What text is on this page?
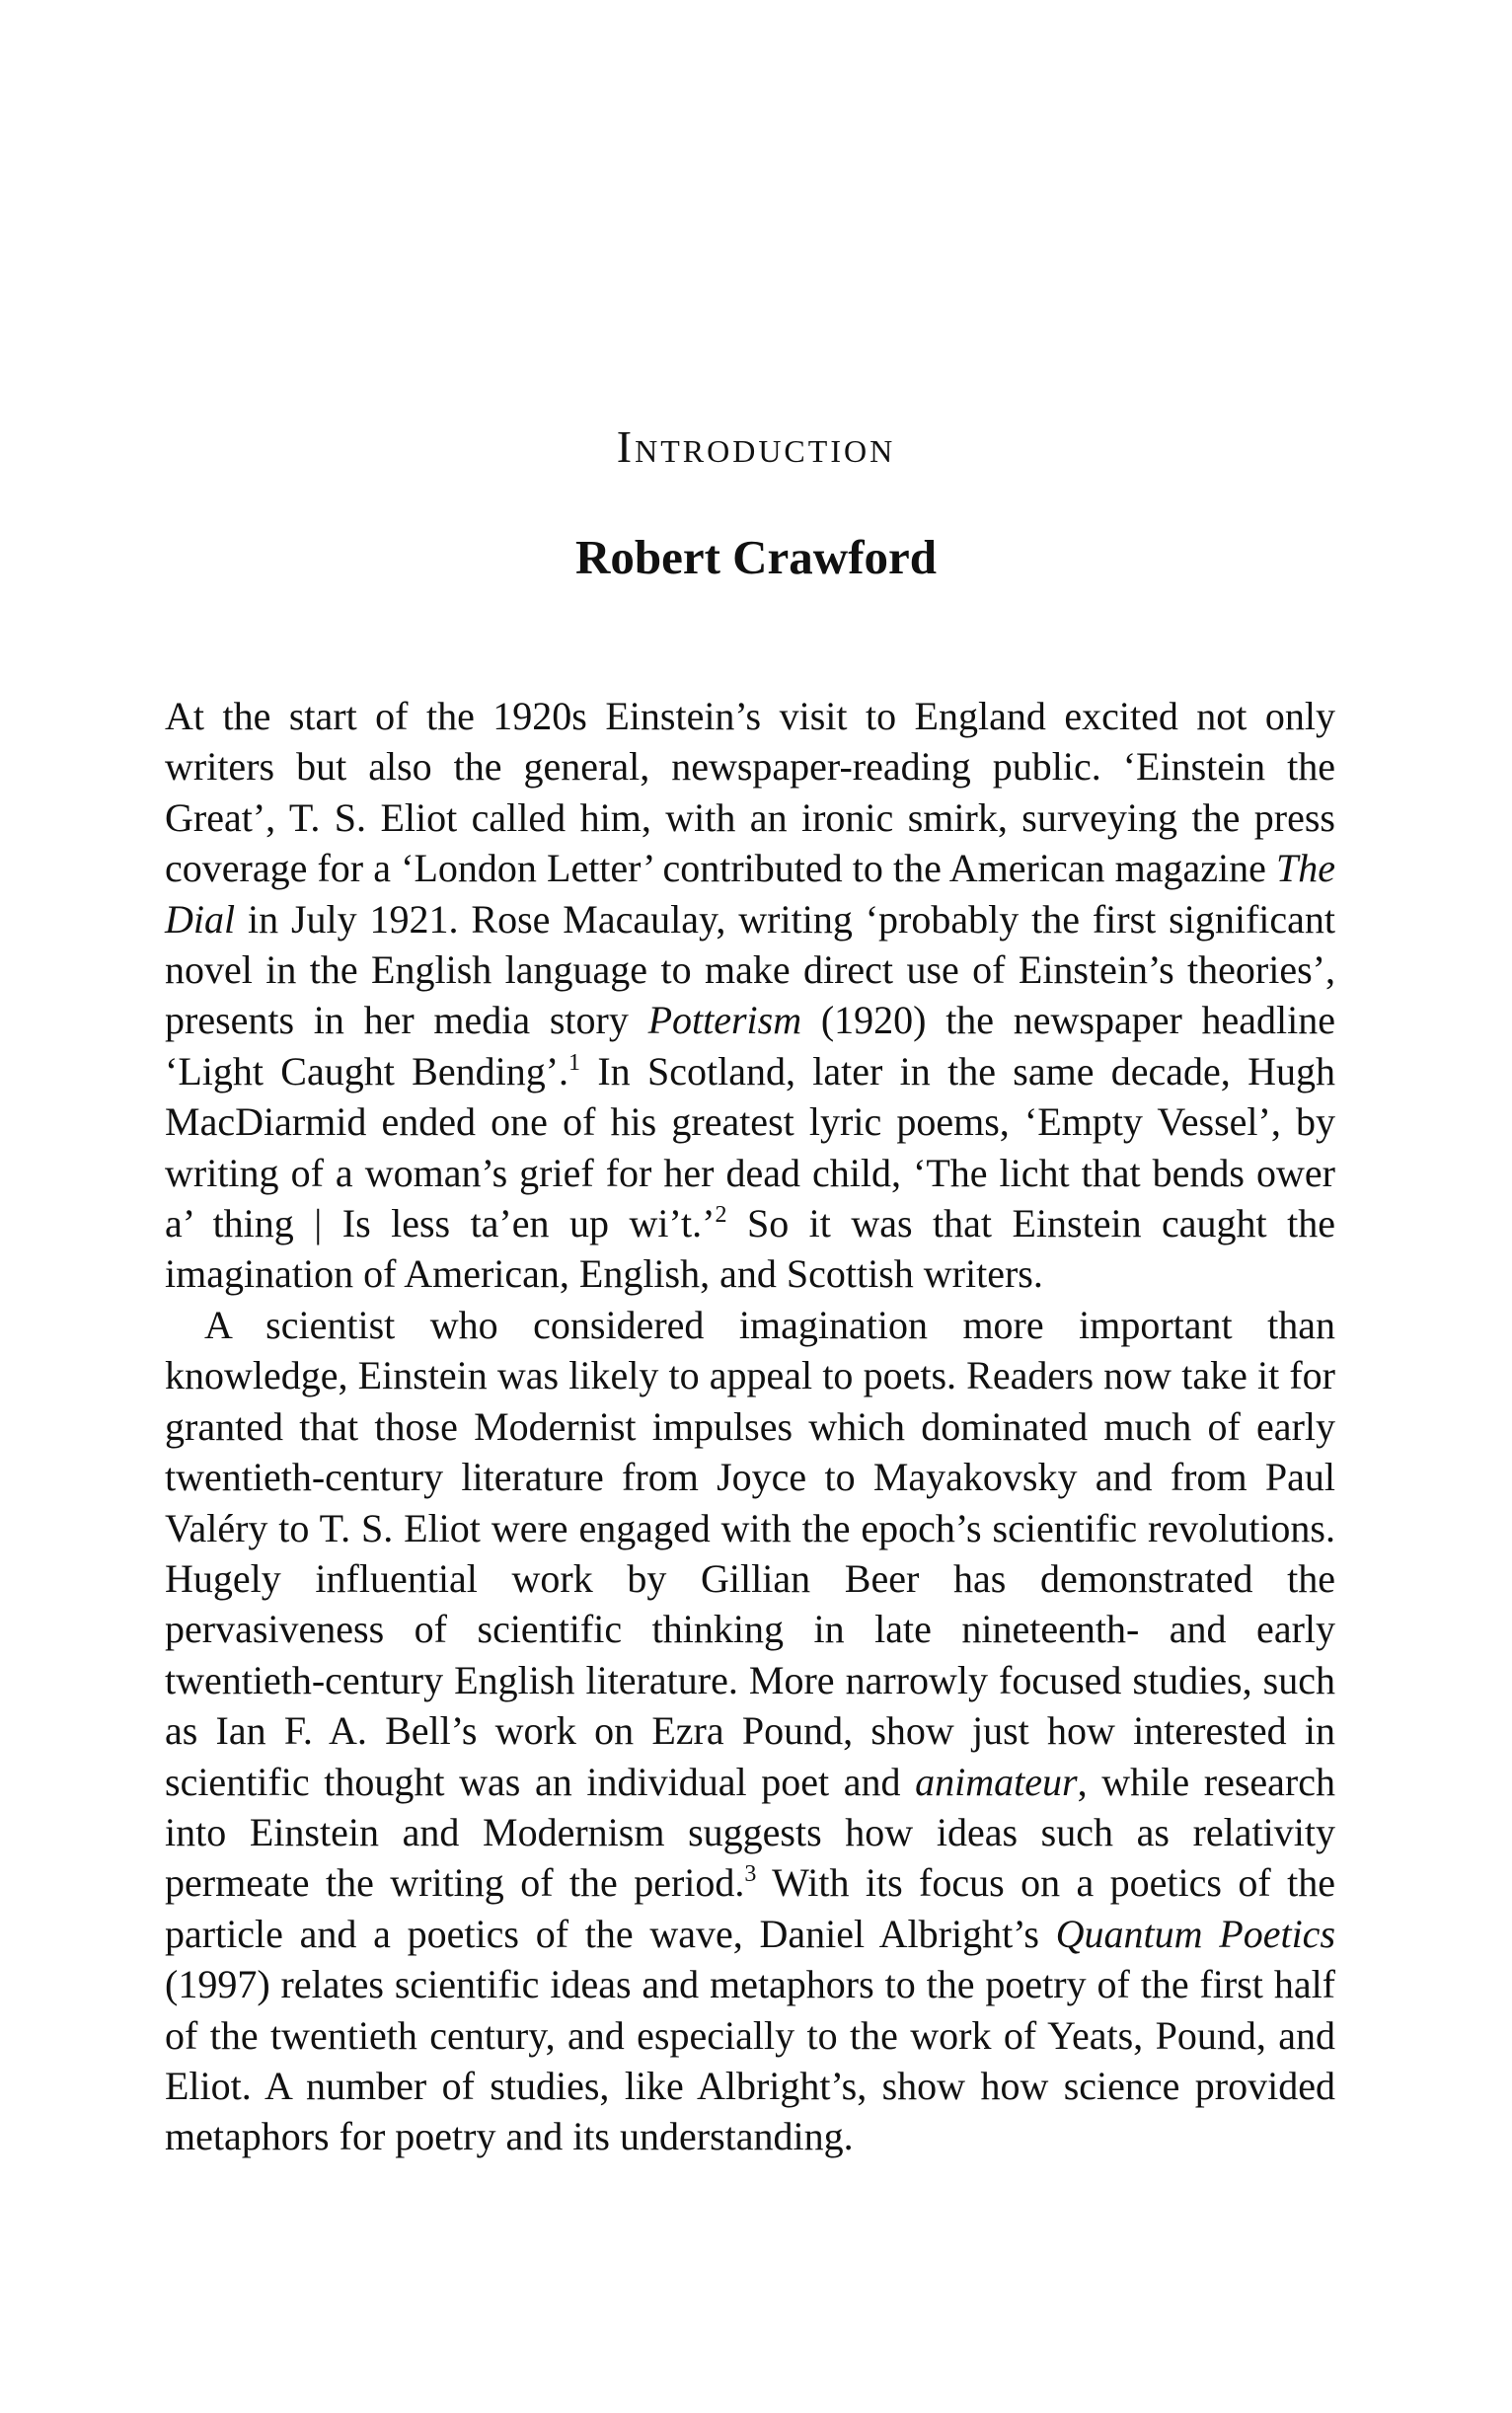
Introduction
Robert Crawford

At the start of the 1920s Einstein’s visit to England excited not only writers but also the general, newspaper-reading public. ‘Einstein the Great’, T. S. Eliot called him, with an ironic smirk, surveying the press coverage for a ‘London Letter’ contributed to the American magazine The Dial in July 1921. Rose Macaulay, writing ‘probably the first significant novel in the English language to make direct use of Einstein’s theories’, presents in her media story Potterism (1920) the newspaper headline ‘Light Caught Bending’.$^1$ In Scotland, later in the same decade, Hugh MacDiarmid ended one of his greatest lyric poems, ‘Empty Vessel’, by writing of a woman’s grief for her dead child, ‘The licht that bends ower a’ thing | Is less ta’en up wi’t.’$^2$ So it was that Einstein caught the imagination of American, English, and Scottish writers.

A scientist who considered imagination more important than knowledge, Einstein was likely to appeal to poets. Readers now take it for granted that those Modernist impulses which dominated much of early twentieth-century literature from Joyce to Mayakovsky and from Paul Valéry to T. S. Eliot were engaged with the epoch’s scientific revolutions. Hugely influential work by Gillian Beer has demonstrated the pervasiveness of scientific thinking in late nineteenth- and early twentieth-century English literature. More narrowly focused studies, such as Ian F. A. Bell’s work on Ezra Pound, show just how interested in scientific thought was an individual poet and animateur, while research into Einstein and Modernism suggests how ideas such as relativity permeate the writing of the period.$^3$ With its focus on a poetics of the particle and a poetics of the wave, Daniel Albright’s Quantum Poetics (1997) relates scientific ideas and metaphors to the poetry of the first half of the twentieth century, and especially to the work of Yeats, Pound, and Eliot. A number of studies, like Albright’s, show how science provided metaphors for poetry and its understanding.
